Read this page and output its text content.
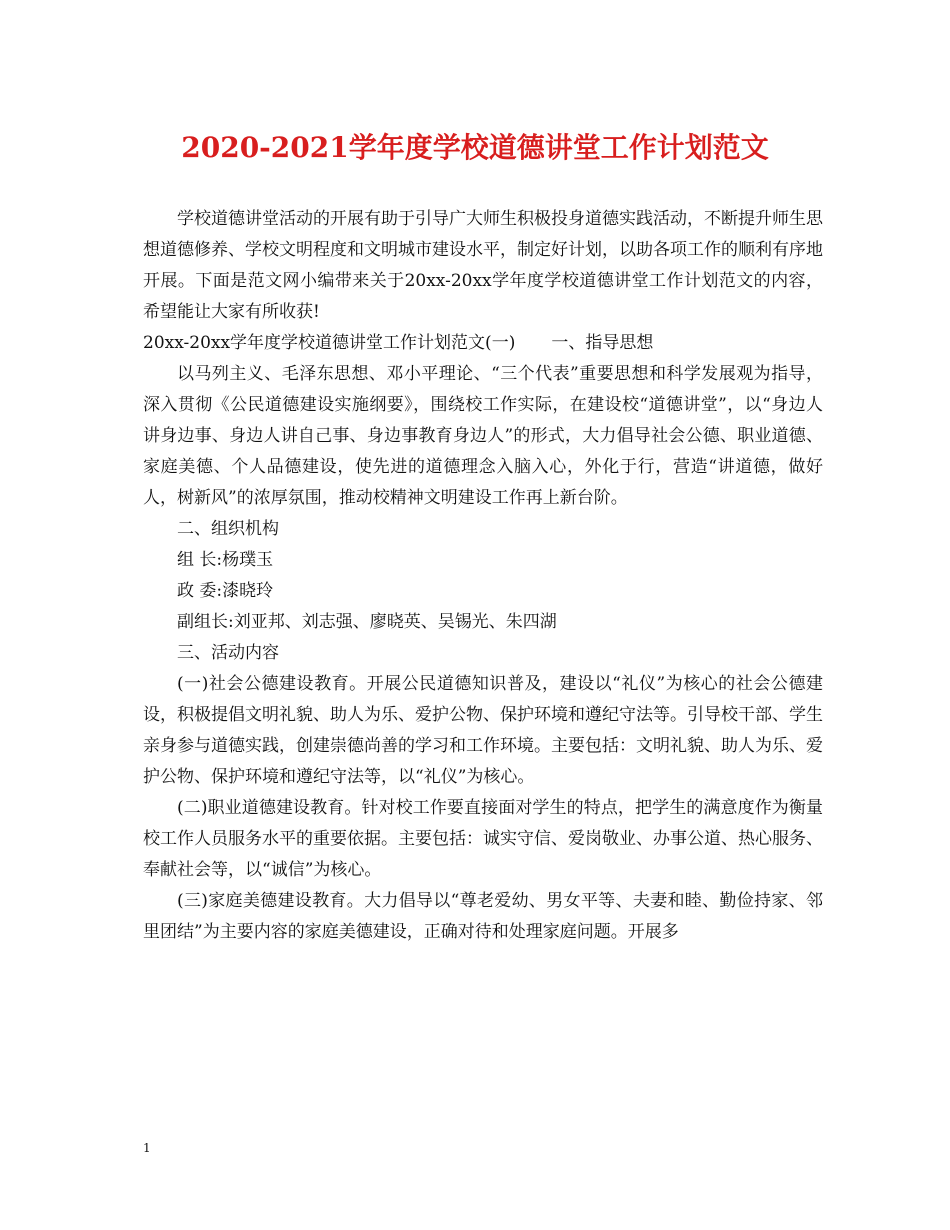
2020-2021学年度学校道德讲堂工作计划范文

学校道德讲堂活动的开展有助于引导广大师生积极投身道德实践活动，不断提升师生思想道德修养、学校文明程度和文明城市建设水平，制定好计划，以助各项工作的顺利有序地开展。下面是范文网小编带来关于20xx-20xx学年度学校道德讲堂工作计划范文的内容，希望能让大家有所收获!

20xx-20xx学年度学校道德讲堂工作计划范文(一) 一、指导思想

以马列主义、毛泽东思想、邓小平理论、“三个代表”重要思想和科学发展观为指导，深入贯彻《公民道德建设实施纲要》，围绕校工作实际，在建设校“道德讲堂”，以“身边人讲身边事、身边人讲自己事、身边事教育身边人”的形式，大力倡导社会公德、职业道德、家庭美德、个人品德建设，使先进的道德理念入脑入心，外化于行，营造“讲道德，做好人，树新风”的浓厚氛围，推动校精神文明建设工作再上新台阶。

二、组织机构

组 长:杨璞玉

政 委:漆晓玲

副组长:刘亚邦、刘志强、廖晓英、吴锡光、朱四湖

三、活动内容

(一)社会公德建设教育。开展公民道德知识普及，建设以“礼仪”为核心的社会公德建设，积极提倡文明礼貌、助人为乐、爱护公物、保护环境和遵纪守法等。引导校干部、学生亲身参与道德实践，创建崇德尚善的学习和工作环境。主要包括：文明礼貌、助人为乐、爱护公物、保护环境和遵纪守法等，以“礼仪”为核心。

(二)职业道德建设教育。针对校工作要直接面对学生的特点，把学生的满意度作为衡量校工作人员服务水平的重要依据。主要包括：诚实守信、爱岗敬业、办事公道、热心服务、奉献社会等，以“诚信”为核心。

(三)家庭美德建设教育。大力倡导以“尊老爱幼、男女平等、夫妻和睦、勤俭持家、邻里团结”为主要内容的家庭美德建设，正确对待和处理家庭问题。开展多

1
